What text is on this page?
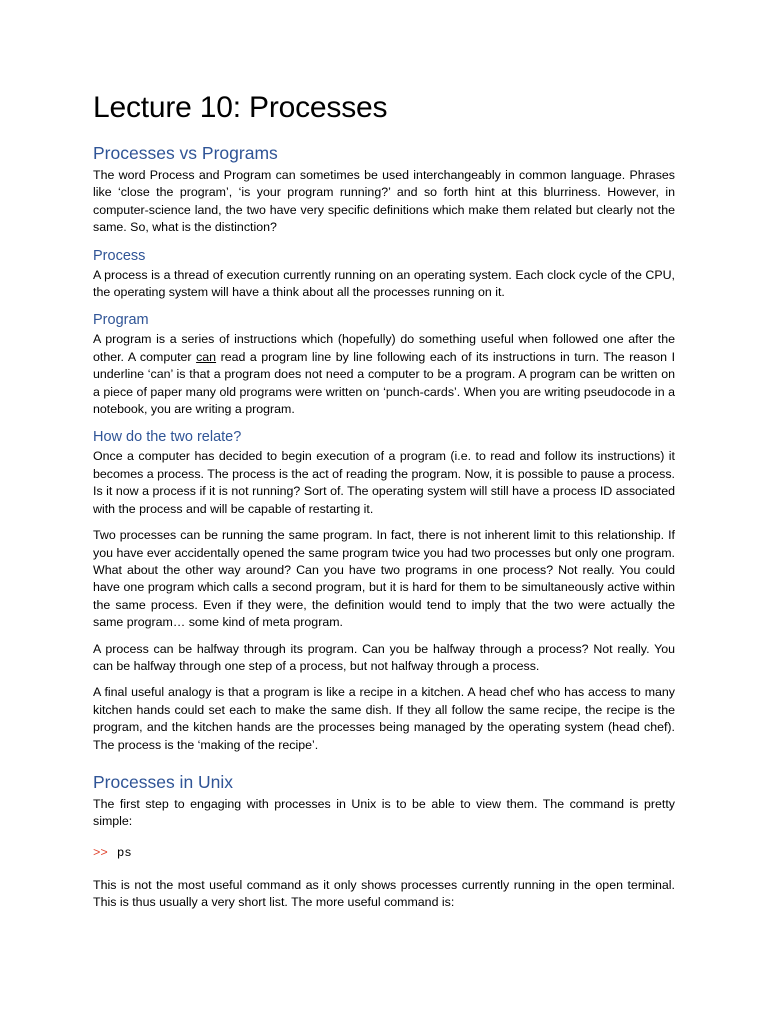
Lecture 10: Processes
Processes vs Programs

The word Process and Program can sometimes be used interchangeably in common language. Phrases like ‘close the program’, ‘is your program running?’ and so forth hint at this blurriness. However, in computer-science land, the two have very specific definitions which make them related but clearly not the same. So, what is the distinction?

Process

A process is a thread of execution currently running on an operating system. Each clock cycle of the CPU, the operating system will have a think about all the processes running on it.

Program

A program is a series of instructions which (hopefully) do something useful when followed one after the other. A computer can read a program line by line following each of its instructions in turn. The reason I underline ‘can’ is that a program does not need a computer to be a program. A program can be written on a piece of paper many old programs were written on ‘punch-cards’. When you are writing pseudocode in a notebook, you are writing a program.

How do the two relate?

Once a computer has decided to begin execution of a program (i.e. to read and follow its instructions) it becomes a process. The process is the act of reading the program. Now, it is possible to pause a process. Is it now a process if it is not running? Sort of. The operating system will still have a process ID associated with the process and will be capable of restarting it.

Two processes can be running the same program. In fact, there is not inherent limit to this relationship. If you have ever accidentally opened the same program twice you had two processes but only one program. What about the other way around? Can you have two programs in one process? Not really. You could have one program which calls a second program, but it is hard for them to be simultaneously active within the same process. Even if they were, the definition would tend to imply that the two were actually the same program… some kind of meta program.

A process can be halfway through its program. Can you be halfway through a process? Not really. You can be halfway through one step of a process, but not halfway through a process.

A final useful analogy is that a program is like a recipe in a kitchen. A head chef who has access to many kitchen hands could set each to make the same dish. If they all follow the same recipe, the recipe is the program, and the kitchen hands are the processes being managed by the operating system (head chef). The process is the ‘making of the recipe’.

Processes in Unix

The first step to engaging with processes in Unix is to be able to view them. The command is pretty simple:

>> ps

This is not the most useful command as it only shows processes currently running in the open terminal. This is thus usually a very short list. The more useful command is:
